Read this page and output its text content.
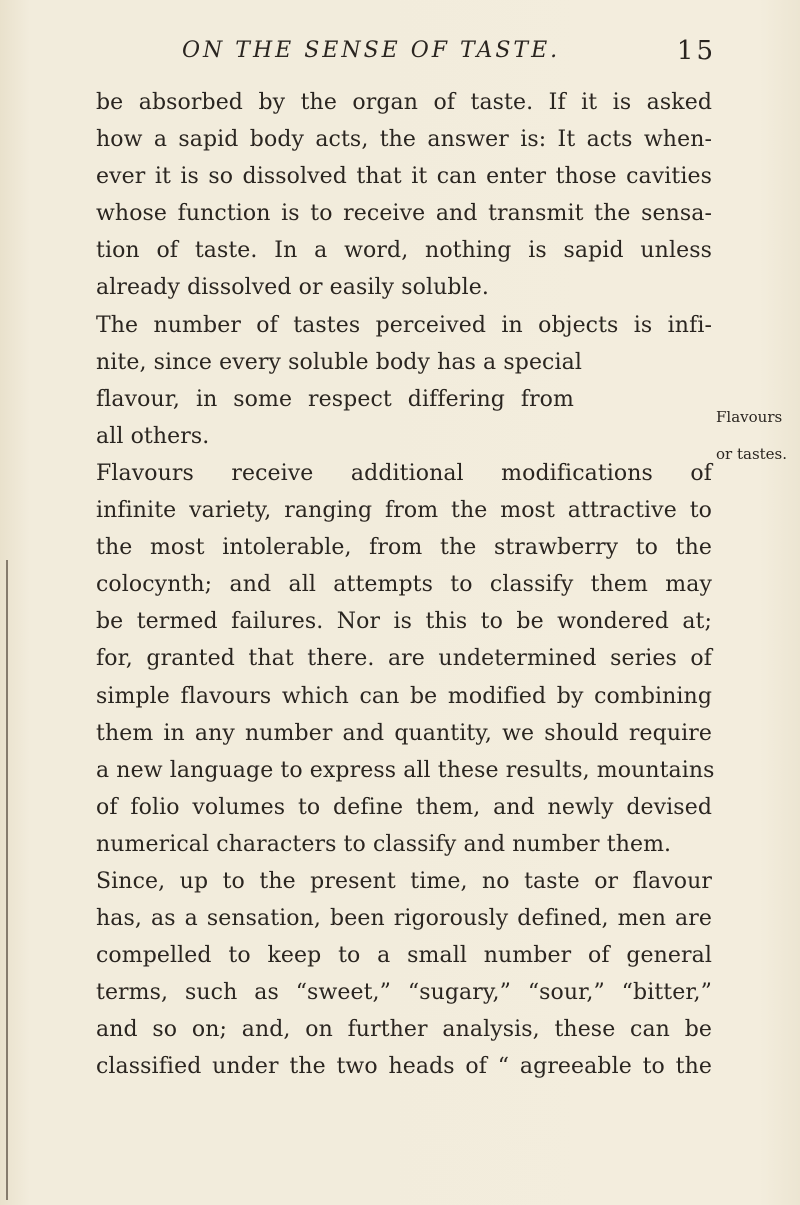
ON THE SENSE OF TASTE.	15
be absorbed by the organ of taste. If it is asked
how a sapid body acts, the answer is: It acts when-
ever it is so dissolved that it can enter those cavities
whose function is to receive and transmit the sensa-
tion of taste. In a word, nothing is sapid unless
already dissolved or easily soluble.
The number of tastes perceived in objects is infi-
nite, since every soluble body has a special
flavour, in some respect differing from
all others.
Flavours receive additional modifications of
infinite variety, ranging from the most attractive to
the most intolerable, from the strawberry to the
colocynth; and all attempts to classify them may
be termed failures. Nor is this to be wondered at;
for, granted that there. are undetermined series of
simple flavours which can be modified by combining
them in any number and quantity, we should require
a new language to express all these results, mountains
of folio volumes to define them, and newly devised
numerical characters to classify and number them.
Since, up to the present time, no taste or flavour
has, as a sensation, been rigorously defined, men are
compelled to keep to a small number of general
terms, such as “sweet,” “sugary,” “sour,” “bitter,”
and so on; and, on further analysis, these can be
classified under the two heads of “ agreeable to the
Flavours
or tastes.
